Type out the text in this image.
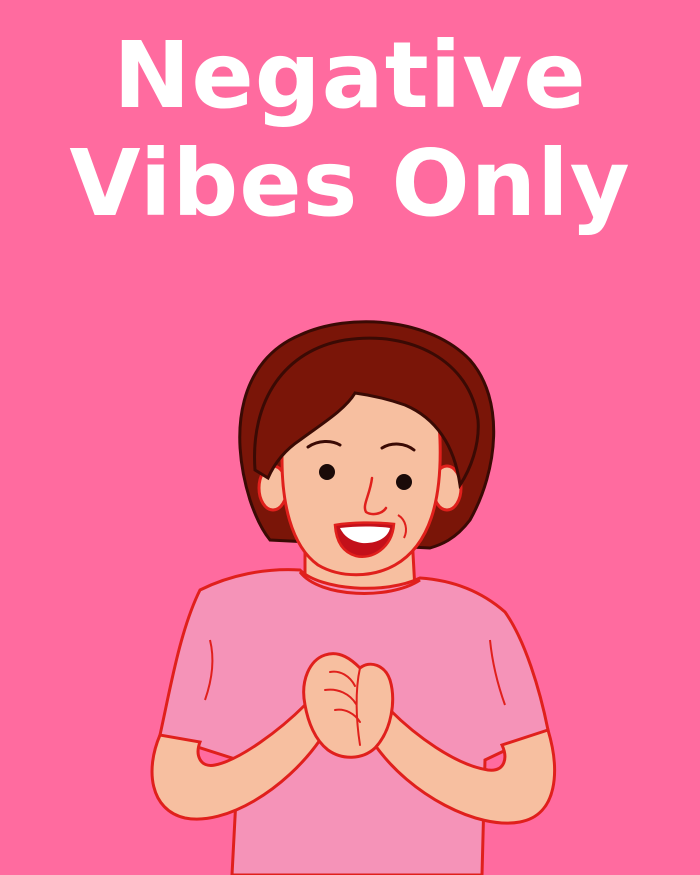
Negative
Vibes Only
